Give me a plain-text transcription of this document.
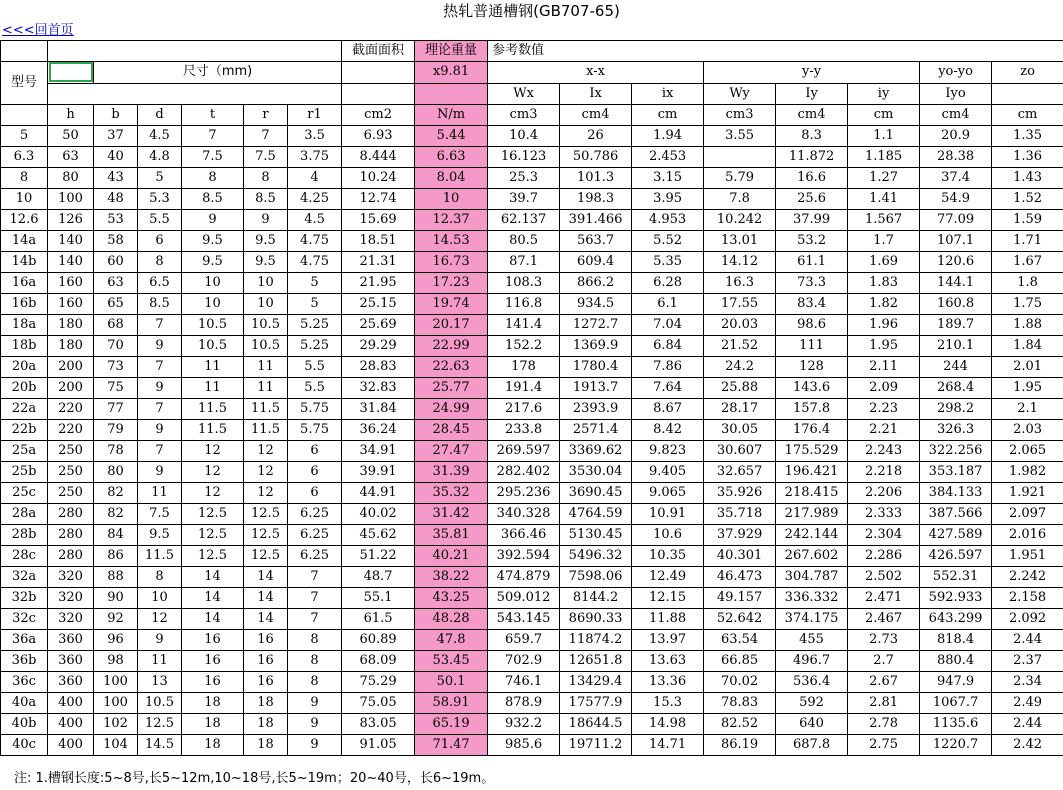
热轧普通槽钢(GB707-65)
<<<回首页
							截面面积	理论重量	参考数值							
型号		尺寸（mm)						x9.81	x-x			y-y			yo-yo	zo
									Wx	Ix	ix	Wy	Iy	iy	Iyo	
	h	b	d	t	r	r1	cm2	N/m	cm3	cm4	cm	cm3	cm4	cm	cm4	cm
5	50	37	4.5	7	7	3.5	6.93	5.44	10.4	26	1.94	3.55	8.3	1.1	20.9	1.35
6.3	63	40	4.8	7.5	7.5	3.75	8.444	6.63	16.123	50.786	2.453		11.872	1.185	28.38	1.36
8	80	43	5	8	8	4	10.24	8.04	25.3	101.3	3.15	5.79	16.6	1.27	37.4	1.43
10	100	48	5.3	8.5	8.5	4.25	12.74	10	39.7	198.3	3.95	7.8	25.6	1.41	54.9	1.52
12.6	126	53	5.5	9	9	4.5	15.69	12.37	62.137	391.466	4.953	10.242	37.99	1.567	77.09	1.59
14a	140	58	6	9.5	9.5	4.75	18.51	14.53	80.5	563.7	5.52	13.01	53.2	1.7	107.1	1.71
14b	140	60	8	9.5	9.5	4.75	21.31	16.73	87.1	609.4	5.35	14.12	61.1	1.69	120.6	1.67
16a	160	63	6.5	10	10	5	21.95	17.23	108.3	866.2	6.28	16.3	73.3	1.83	144.1	1.8
16b	160	65	8.5	10	10	5	25.15	19.74	116.8	934.5	6.1	17.55	83.4	1.82	160.8	1.75
18a	180	68	7	10.5	10.5	5.25	25.69	20.17	141.4	1272.7	7.04	20.03	98.6	1.96	189.7	1.88
18b	180	70	9	10.5	10.5	5.25	29.29	22.99	152.2	1369.9	6.84	21.52	111	1.95	210.1	1.84
20a	200	73	7	11	11	5.5	28.83	22.63	178	1780.4	7.86	24.2	128	2.11	244	2.01
20b	200	75	9	11	11	5.5	32.83	25.77	191.4	1913.7	7.64	25.88	143.6	2.09	268.4	1.95
22a	220	77	7	11.5	11.5	5.75	31.84	24.99	217.6	2393.9	8.67	28.17	157.8	2.23	298.2	2.1
22b	220	79	9	11.5	11.5	5.75	36.24	28.45	233.8	2571.4	8.42	30.05	176.4	2.21	326.3	2.03
25a	250	78	7	12	12	6	34.91	27.47	269.597	3369.62	9.823	30.607	175.529	2.243	322.256	2.065
25b	250	80	9	12	12	6	39.91	31.39	282.402	3530.04	9.405	32.657	196.421	2.218	353.187	1.982
25c	250	82	11	12	12	6	44.91	35.32	295.236	3690.45	9.065	35.926	218.415	2.206	384.133	1.921
28a	280	82	7.5	12.5	12.5	6.25	40.02	31.42	340.328	4764.59	10.91	35.718	217.989	2.333	387.566	2.097
28b	280	84	9.5	12.5	12.5	6.25	45.62	35.81	366.46	5130.45	10.6	37.929	242.144	2.304	427.589	2.016
28c	280	86	11.5	12.5	12.5	6.25	51.22	40.21	392.594	5496.32	10.35	40.301	267.602	2.286	426.597	1.951
32a	320	88	8	14	14	7	48.7	38.22	474.879	7598.06	12.49	46.473	304.787	2.502	552.31	2.242
32b	320	90	10	14	14	7	55.1	43.25	509.012	8144.2	12.15	49.157	336.332	2.471	592.933	2.158
32c	320	92	12	14	14	7	61.5	48.28	543.145	8690.33	11.88	52.642	374.175	2.467	643.299	2.092
36a	360	96	9	16	16	8	60.89	47.8	659.7	11874.2	13.97	63.54	455	2.73	818.4	2.44
36b	360	98	11	16	16	8	68.09	53.45	702.9	12651.8	13.63	66.85	496.7	2.7	880.4	2.37
36c	360	100	13	16	16	8	75.29	50.1	746.1	13429.4	13.36	70.02	536.4	2.67	947.9	2.34
40a	400	100	10.5	18	18	9	75.05	58.91	878.9	17577.9	15.3	78.83	592	2.81	1067.7	2.49
40b	400	102	12.5	18	18	9	83.05	65.19	932.2	18644.5	14.98	82.52	640	2.78	1135.6	2.44
40c	400	104	14.5	18	18	9	91.05	71.47	985.6	19711.2	14.71	86.19	687.8	2.75	1220.7	2.42
注: 1.槽钢长度:5~8号,长5~12m,10~18号,长5~19m；20~40号，长6~19m。
